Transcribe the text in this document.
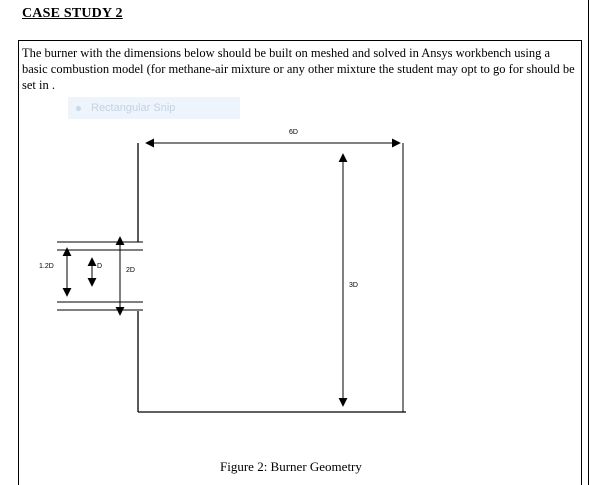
CASE STUDY 2
The burner with the dimensions below should be built on meshed and solved in Ansys workbench using a basic combustion model (for methane-air mixture or any other mixture the student may opt to go for should be set in .
Rectangular Snip
6D
3D
1.2D	D
2D
Figure 2: Burner Geometry
